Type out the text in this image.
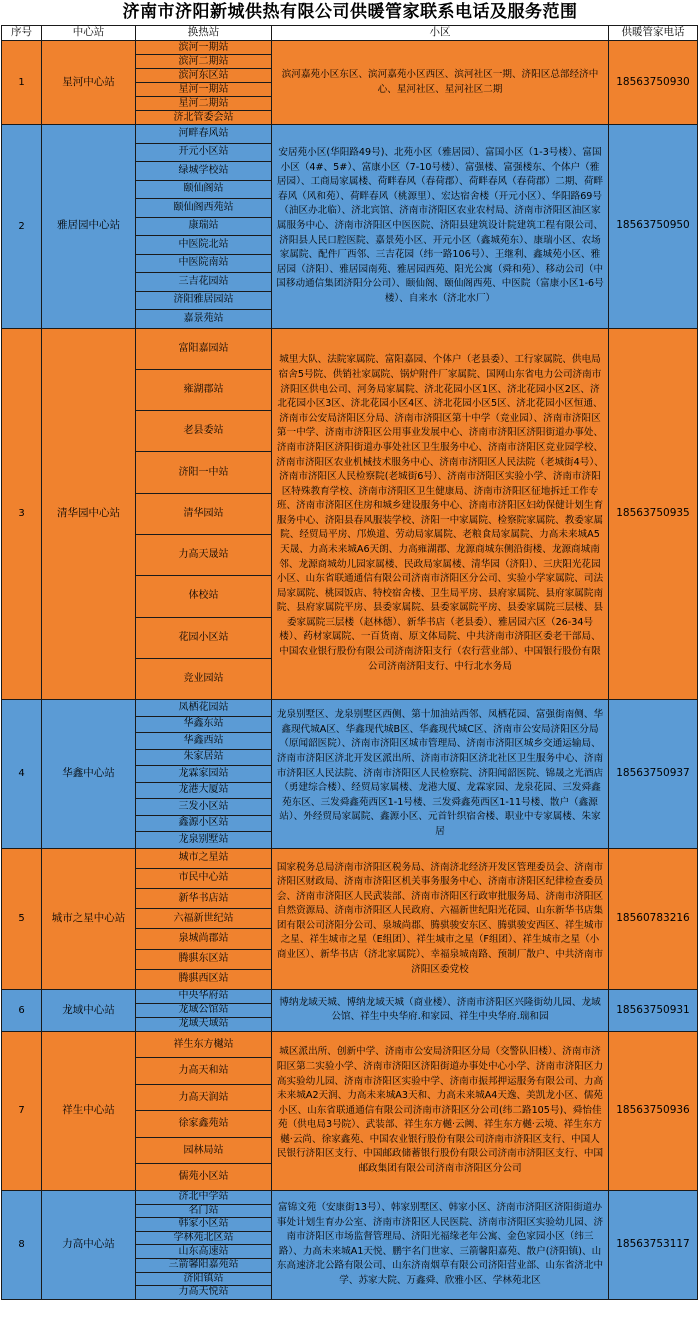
济南市济阳新城供热有限公司供暖管家联系电话及服务范围
序号	中心站	换热站	小区	供暖管家电话
1	星河中心站	滨河一期站	滨河嘉苑小区东区、滨河嘉苑小区西区、滨河社区一期、济阳区总部经济中心、星河社区、星河社区二期	18563750930
		滨河二期站		
		滨河东区站		
		星河一期站		
		星河二期站		
		济北管委会站		
2	雅居园中心站	河畔春风站	安居苑小区(华阳路49号)、北苑小区（雅居园）、富国小区（1-3号楼）、富国小区（4#、5#）、富康小区（7-10号楼）、富强楼、富强楼东、个体户（雅居园）、工商局家属楼、荷畔春风（春荷郡）、荷畔春风（春荷郡）二期、荷畔春风（风和苑）、荷畔春风（桃源里）、宏达宿舍楼（开元小区）、华阳路69号（油区办北临）、济北宾馆、济南市济阳区农业农村局、济南市济阳区油区家属服务中心、济南市济阳区中医医院、济阳县建筑设计院建筑工程有限公司、济阳县人民口腔医院、嘉景苑小区、开元小区（鑫城苑东）、康瑞小区、农场家属院、配件厂西邻、三吉花园（纬一路106号）、王继利、鑫城苑小区、雅居园（济阳）、雅居园南苑、雅居园西苑、阳光公寓（舜和苑）、移动公司（中国移动通信集团济阳分公司）、颐仙阁、颐仙阁西苑、中医院（富康小区1-6号楼）、自来水（济北水厂）	18563750950
		开元小区站		
		绿城学校站		
		颐仙阁站		
		颐仙阁西苑站		
		康瑞站		
		中医院北站		
		中医院南站		
		三吉花园站		
		济阳雅居园站		
		嘉景苑站		
3	清华园中心站	富阳嘉园站	城里大队、法院家属院、富阳嘉园、个体户（老县委）、工行家属院、供电局宿舍5号院、供销社家属院、锅炉附件厂家属院、国网山东省电力公司济南市济阳区供电公司、河务局家属院、济北花园小区1区、济北花园小区2区、济北花园小区3区、济北花园小区4区、济北花园小区5区、济北花园小区恒通、济南市公安局济阳区分局、济南市济阳区第十中学（竞业园）、济南市济阳区第一中学、济南市济阳区公用事业发展中心、济南市济阳区济阳街道办事处、济南市济阳区济阳街道办事处社区卫生服务中心、济南市济阳区竞业园学校、济南市济阳区农业机械技术服务中心、济南市济阳区人民法院（老城街4号）、济南市济阳区人民检察院(老城街6号）、济南市济阳区实验小学、济南市济阳区特殊教育学校、济南市济阳区卫生健康局、济南市济阳区征地拆迁工作专班、济南市济阳区住房和城乡建设服务中心、济南市济阳区妇幼保健计划生育服务中心、济阳县春风服装学校、济阳一中家属院、检察院家属院、教委家属院、经贸局平房、邝焕道、劳动局家属院、老粮食局家属院、力高未来城A5天晟、力高未来城A6天朗、力高雍湖郡、龙源商城东侧沿街楼、龙源商城南邻、龙源商城幼儿园家属楼、民政局家属楼、清华园（济阳）、三庆阳光花园小区、山东省联通通信有限公司济南市济阳区分公司、实验小学家属院、司法局家属院、桃园饭店、特校宿舍楼、卫生局平房、县府家属院、县府家属院南院、县府家属院平房、县委家属院、县委家属院平房、县委家属院三层楼、县委家属院三层楼（赵林德）、新华书店（老县委）、雅居园六区（26-34号楼）、药材家属院、一百货南、原文体局院、中共济南市济阳区委老干部局、中国农业银行股份有限公司济南济阳支行（农行营业部）、中国银行股份有限公司济南济阳支行、中行北水务局	18563750935
		雍湖郡站		
		老县委站		
		济阳一中站		
		清华园站		
		力高天晟站		
		体校站		
		花园小区站		
		竞业园站		
4	华鑫中心站	凤栖花园站	龙泉别墅区、龙泉别墅区西侧、第十加油站西邻、凤栖花园、富强街南侧、华鑫现代城A区、华鑫现代城B区、华鑫现代城C区、济南市公安局济阳区分局（原闻韶医院）、济南市济阳区城市管理局、济南市济阳区城乡交通运输局、济南市济阳区济北开发区派出所、济南市济阳区济北社区卫生服务中心、济南市济阳区人民法院、济南市济阳区人民检察院、济阳闻韶医院、锦晟之光酒店（勇建综合楼）、经贸局家属楼、龙港大厦、龙霖家园、龙泉花园、三发舜鑫苑东区、三发舜鑫苑西区1-1号楼、三发舜鑫苑西区1-11号楼、散户（鑫源站）、外经贸局家属院、鑫源小区、元首针织宿舍楼、职业中专家属楼、朱家居	18563750937
		华鑫东站		
		华鑫西站		
		朱家居站		
		龙霖家园站		
		龙港大厦站		
		三发小区站		
		鑫源小区站		
		龙泉别墅站		
5	城市之星中心站	城市之星站	国家税务总局济南市济阳区税务局、济南济北经济开发区管理委员会、济南市济阳区财政局、济南市济阳区机关事务服务中心、济南市济阳区纪律检查委员会、济南市济阳区人民武装部、济南市济阳区行政审批服务局、济南市济阳区自然资源局、济南市济阳区人民政府、六福新世纪阳光花园、山东新华书店集团有限公司济阳分公司、泉城尚郡、腾骐骏安东区、腾骐骏安西区、祥生城市之星、祥生城市之星（E组团）、祥生城市之星（F组团）、祥生城市之星（小商业区）、新华书店（济北家属院）、幸福泉城南路、预制厂散户、中共济南市济阳区委党校	18560783216
		市民中心站		
		新华书店站		
		六福新世纪站		
		泉城尚郡站		
		腾骐东区站		
		腾骐西区站		
6	龙域中心站	中央华府站	博纳龙域天城、博纳龙域天城（商业楼）、济南市济阳区兴隆街幼儿园、龙域公馆、祥生中央华府.和家园、祥生中央华府.瑞和园	18563750931
		龙域公馆站		
		龙域天域站		
7	祥生中心站	祥生东方樾站	城区派出所、创新中学、济南市公安局济阳区分局（交警队旧楼）、济南市济阳区第二实验小学、济南市济阳区济阳街道办事处中心小学、济南市济阳区力高实验幼儿园、济南市济阳区实验中学、济南市振邦押运服务有限公司、力高未来城A2天润、力高未来城A3天和、力高未来城A4天逸、美凯龙小区、儒苑小区、山东省联通通信有限公司济南市济阳区分公司(纬二路105号)、舜怡佳苑（供电局3号院）、武装部、祥生东方樾·云阙、祥生东方樾·云境、祥生东方樾·云尚、徐家鑫苑、中国农业银行股份有限公司济南市济阳区支行、中国人民银行济阳区支行、中国邮政储蓄银行股份有限公司济南市济阳区支行、中国邮政集团有限公司济南市济阳区分公司	18563750936
		力高天和站		
		力高天润站		
		徐家鑫苑站		
		园林局站		
		儒苑小区站		
8	力高中心站	济北中学站	富锦文苑（安康街13号）、韩家别墅区、韩家小区、济南市济阳区济阳街道办事处计划生育办公室、济南市济阳区人民医院、济南市济阳区实验幼儿园、济南市济阳区市场监督管理局、济阳光福缘老年公寓、金色家园小区（纬三路）、力高未来城A1天悦、鹏宇名门世家、三箭馨阳嘉苑、散户(济阳镇)、山东高速济北公路有限公司、山东济南烟草有限公司济阳营业部、山东省济北中学、苏家大院、万鑫舜、欣雅小区、学林苑北区	18563753117
		名门站		
		韩家小区站		
		学林苑北区站		
		山东高速站		
		三箭馨阳嘉苑站		
		济阳镇站		
		力高天悦站		
